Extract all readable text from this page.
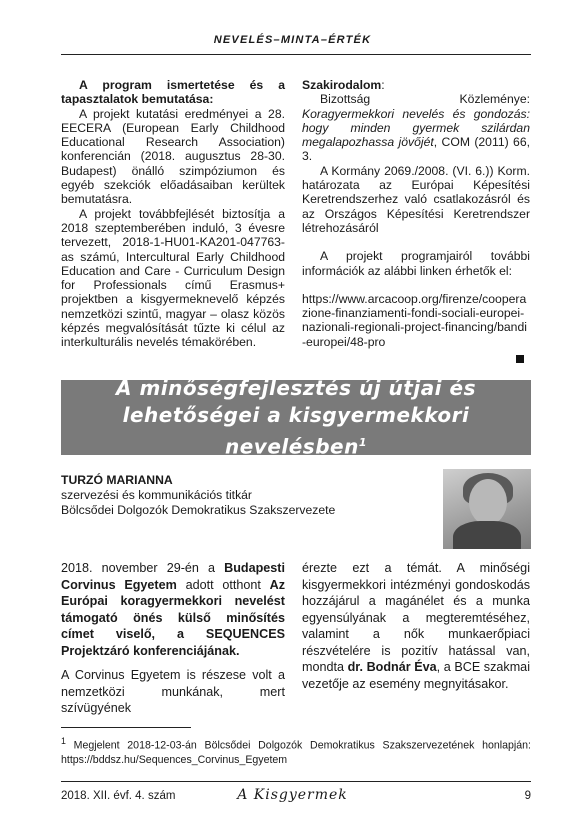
NEVELÉS–MINTA–ÉRTÉK

A program ismertetése és a tapasztalatok bemutatása:

A projekt kutatási eredményei a 28. EECERA (European Early Childhood Educational Research Association) konferencián (2018. augusztus 28-30. Budapest) önálló szimpóziumon és egyéb szekciók előadásaiban kerültek bemutatásra.

A projekt továbbfejlését biztosítja a 2018 szeptemberében induló, 3 évesre tervezett, 2018-1-HU01-KA201-047763-as számú, Intercultural Early Childhood Education and Care - Curriculum Design for Professionals című Erasmus+ projektben a kisgyermeknevelő képzés nemzetközi szintű, magyar – olasz közös képzés megvalósítását tűzte ki célul az interkulturális nevelés témakörében.

Szakirodalom:

Bizottság Közleménye: Koragyermekkori nevelés és gondozás: hogy minden gyermek szilárdan megalapozhassa jövőjét, COM (2011) 66, 3.

A Kormány 2069./2008. (VI. 6.)) Korm. határozata az Európai Képesítési Keretrendszerhez való csatlakozásról és az Országos Képesítési Keretrendszer létrehozásáról

A projekt programjairól további információk az alábbi linken érhetők el:

https://www.arcacoop.org/firenze/cooperazione-finanziamenti-fondi-sociali-europei-nazionali-regionali-project-financing/bandi-europei/48-pro

A minőségfejlesztés új útjai és lehetőségei a kisgyermekkori nevelésben$^1$
TURZÓ MARIANNA
szervezési és kommunikációs titkár
Bölcsődei Dolgozók Demokratikus Szakszervezete

2018. november 29-én a Budapesti Corvinus Egyetem adott otthont Az Európai koragyermekkori nevelést támogató önés külső minősítés címet viselő, a SEQUENCES Projektzáró konferenciájának.

A Corvinus Egyetem is részese volt a nemzetközi munkának, mert szívügyének

érezte ezt a témát. A minőségi kisgyermekkori intézményi gondoskodás hozzájárul a magánélet és a munka egyensúlyának a megteremtéséhez, valamint a nők munkaerőpiaci részvételére is pozitív hatással van, mondta dr. Bodnár Éva, a BCE szakmai vezetője az esemény megnyitásakor.

$^1$ Megjelent 2018-12-03-án Bölcsődei Dolgozók Demokratikus Szakszervezetének honlapján: https://bddsz.hu/Sequences_Corvinus_Egyetem
2018. XII. évf. 4. szám	A Kisgyermek	9
